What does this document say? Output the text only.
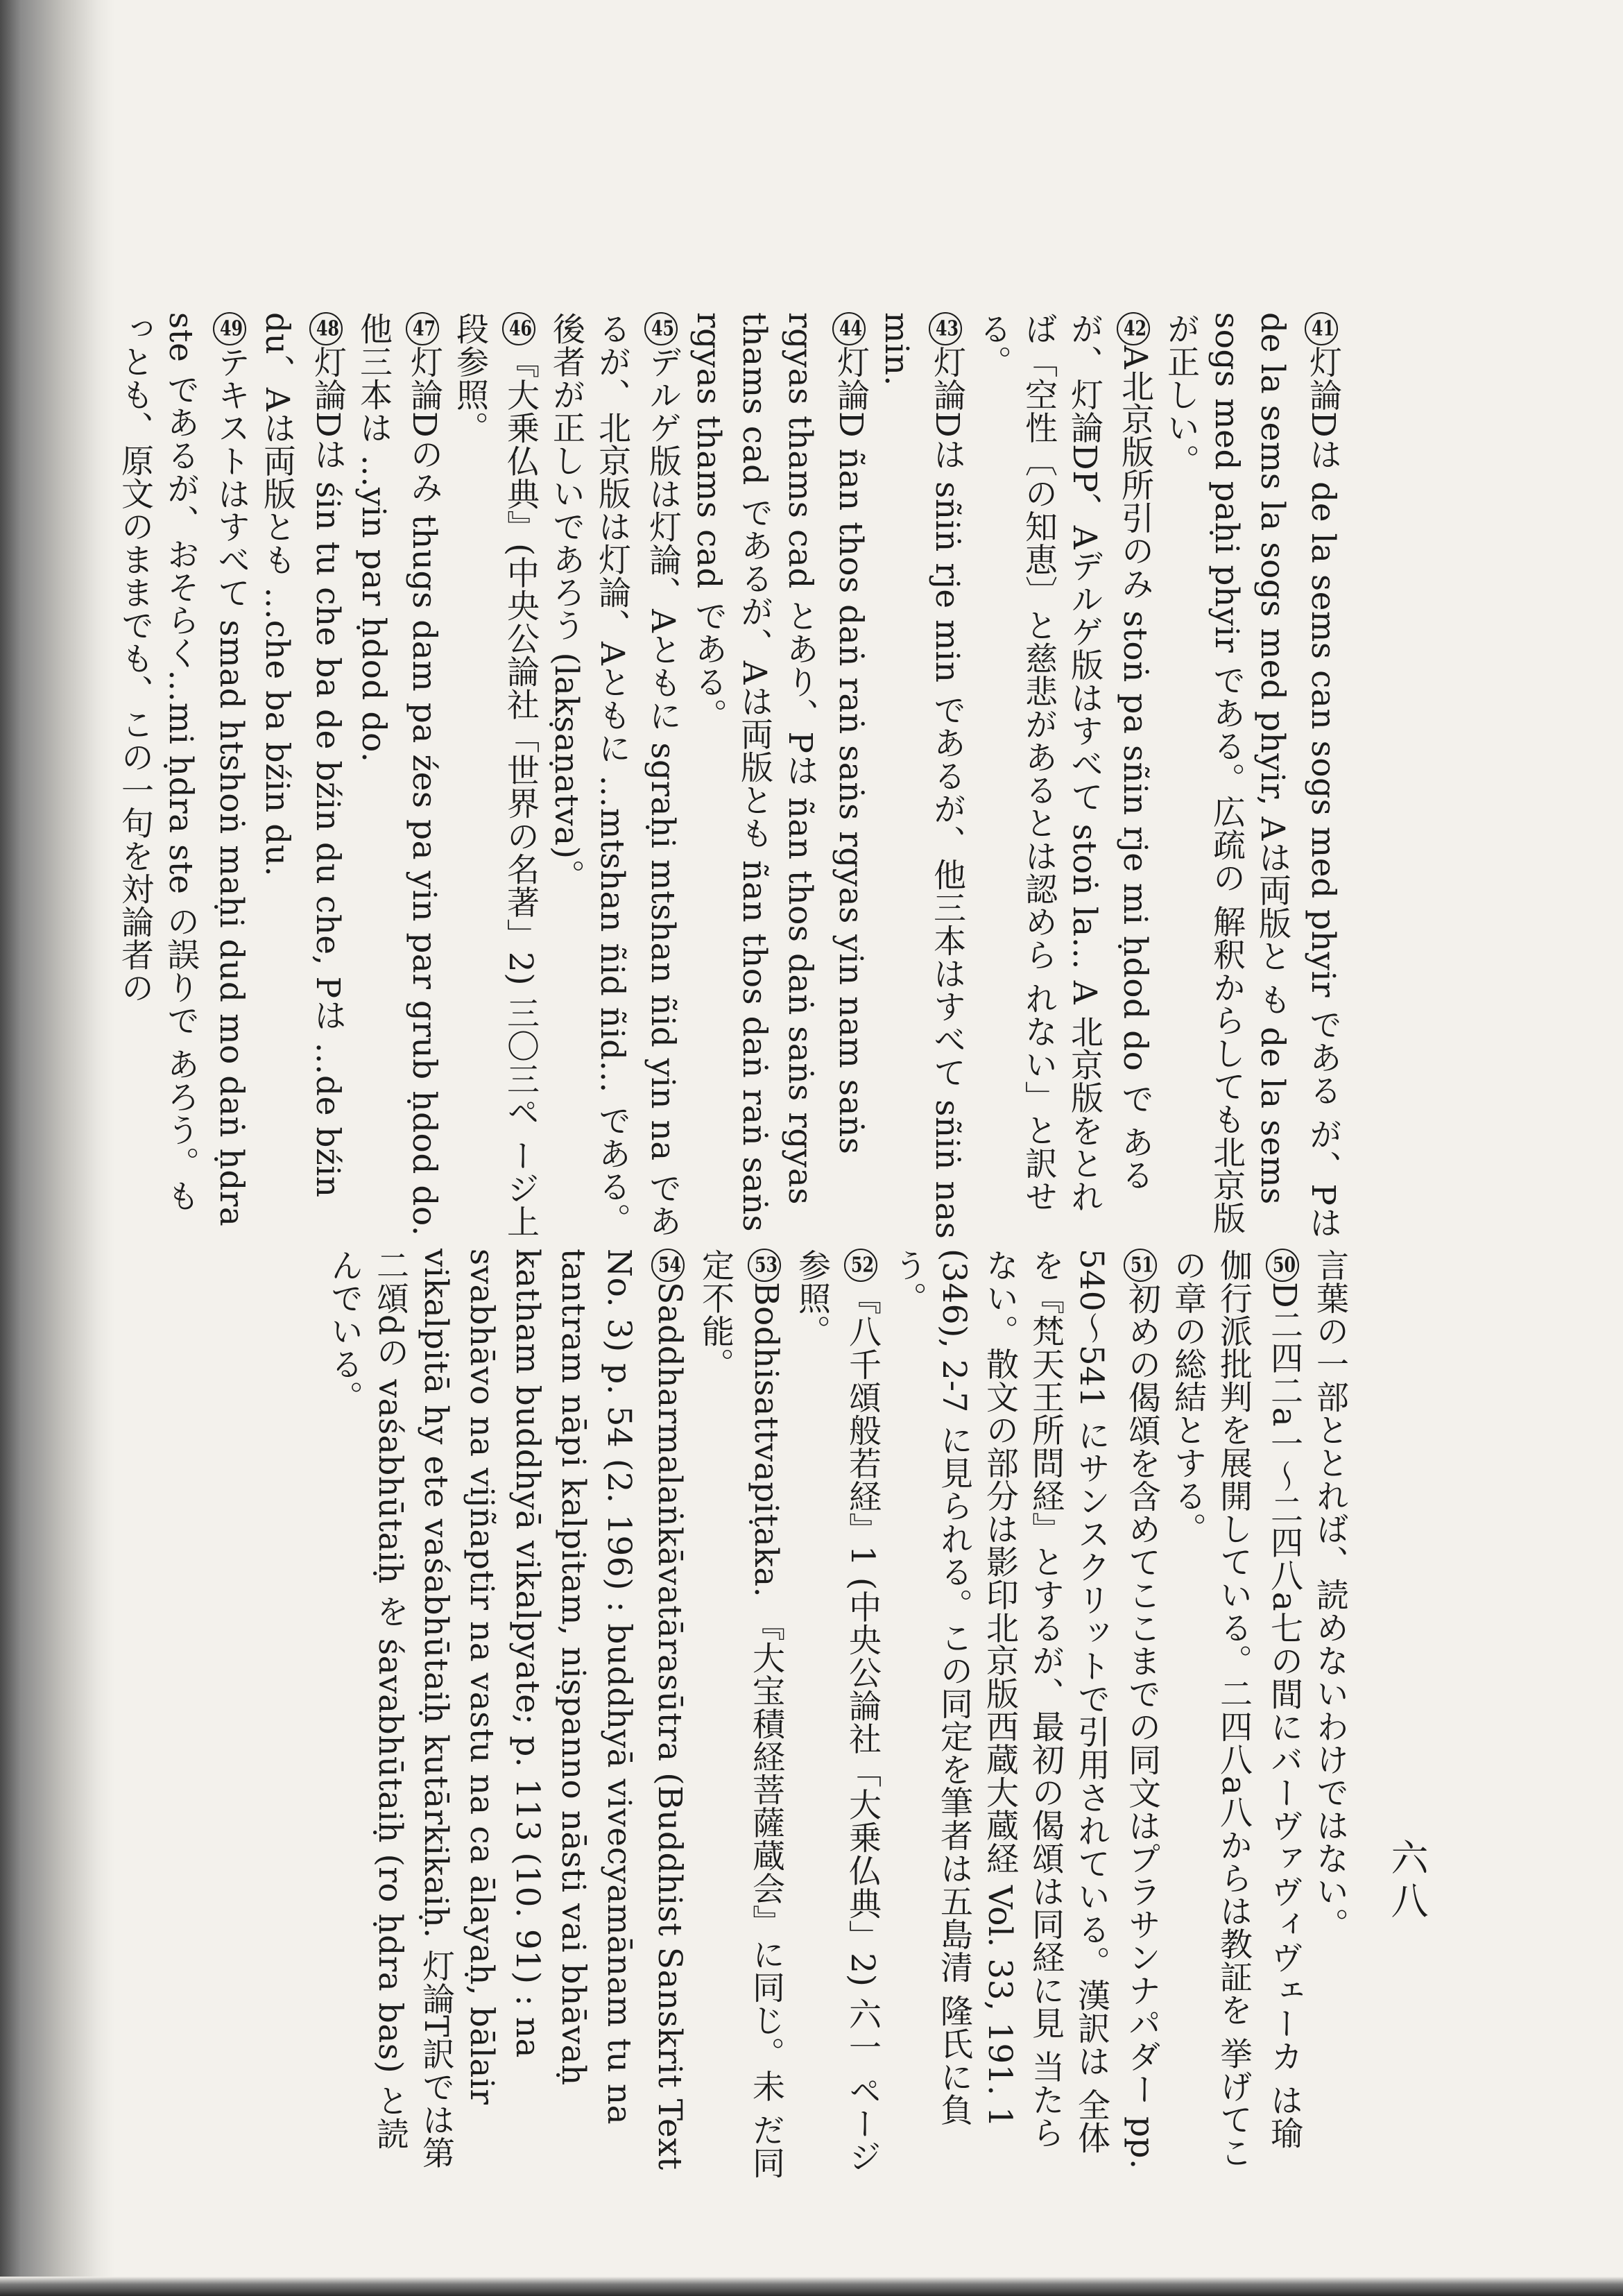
六八
41灯論Dは de la sems can sogs med phyir である が、Pは de la sems la sogs med phyir, Aは両版と も de la sems sogs med paḥi phyir である。広疏の 解釈からしても北京版が正しい。
42A北京版所引のみ stoṅ pa sñin rje mi ḥdod do で あるが、灯論DP、Aデルゲ版はすべて stoṅ la… A 北京版をとれば「空性〔の知恵〕と慈悲があるとは認めら れない」と訳せる。
43灯論Dは sñiṅ rje min であるが、他三本はすべて sñiṅ nas min.
44灯論D ñan thos daṅ raṅ saṅs rgyas yin nam saṅs rgyas thams cad とあり、Pは ñan thos daṅ saṅs rgyas thams cad であるが、Aは両版とも ñan thos daṅ raṅ saṅs rgyas thams cad である。
45デルゲ版は灯論、Aともに sgraḥi mtshan ñid yin na であるが、北京版は灯論、Aともに …mtshan ñid ñid… である。後者が正しいであろう (lakṣaṇatva)。
46『大乗仏典』(中央公論社「世界の名著」2) 三〇三ペ ージ上段参照。
47灯論Dのみ thugs dam pa źes pa yin par grub ḥdod do. 他三本は …yin par ḥdod do.
48灯論Dは śin tu che ba de bźin du che, Pは …de bźin du、Aは両版とも …che ba bźin du.
49テキストはすべて smad htshoṅ maḥi dud mo daṅ ḥdra ste であるが、おそらく…mi ḥdra ste の誤りで あろう。もっとも、原文のままでも、この一句を対論者の
言葉の一部ととれば、読めないわけではない。
50D二四二a一～二四八a七の間にバーヴァヴィヴェーカ は瑜伽行派批判を展開している。二四八a八からは教証を 挙げてこの章の総結とする。
51初めの偈頌を含めてここまでの同文はプラサンナパダー pp. 540～541 にサンスクリットで引用されている。漢訳は 全体を『梵天王所問経』とするが、最初の偈頌は同経に見 当たらない。散文の部分は影印北京版西蔵大蔵経 Vol. 33, 191. 1 (346), 2-7 に見られる。この同定を筆者は五島清 隆氏に負う。
52『八千頌般若経』1 (中央公論社「大乗仏典」2) 六一 ページ参照。
53Bodhisattvapiṭaka. 『大宝積経菩薩蔵会』に同じ。未 だ同定不能。
54Saddharmalaṅkāvatārasūtra (Buddhist Sanskrit Text No. 3) p. 54 (2. 196) : buddhyā vivecyamānam tu na tantram nāpi kalpitam, niṣpanno nāsti vai bhāvaḥ katham buddhyā vikalpyate; p. 113 (10. 91) : na svabhāvo na vijñaptir na vastu na ca ālayaḥ, bālair vikalpitā hy ete vaśabhūtaiḥ kutārkikaiḥ. 灯論T訳では第二頌dの vaśabhūtaiḥ を śavabhūtaiḥ (ro ḥdra bas) と読んでいる。
